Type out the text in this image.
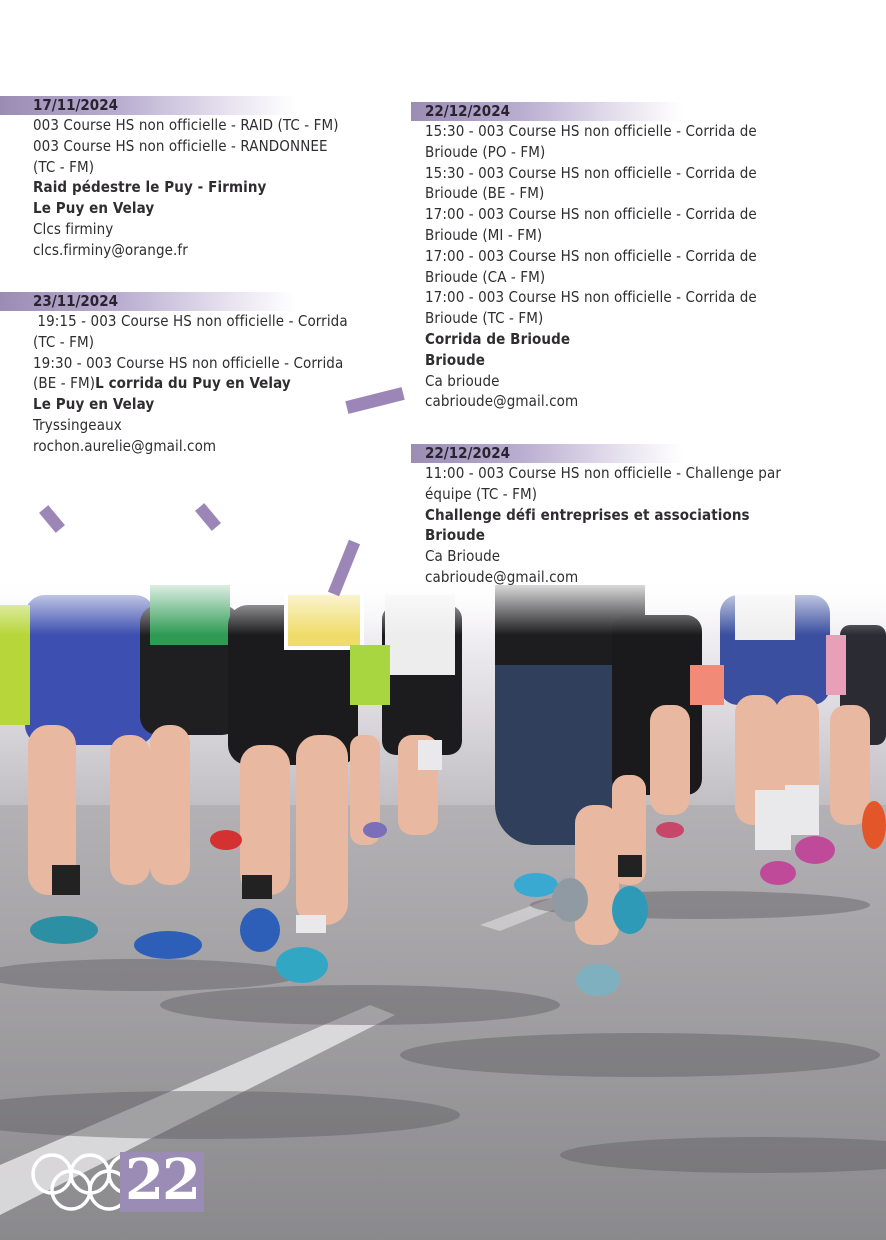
17/11/2024
003 Course HS non officielle - RAID (TC - FM)
003 Course HS non officielle - RANDONNEE
(TC - FM)
Raid pédestre le Puy - Firminy
Le Puy en Velay
Clcs firminy
clcs.firminy@orange.fr
23/11/2024
19:15 - 003 Course HS non officielle - Corrida
(TC - FM)
19:30 - 003 Course HS non officielle - Corrida
(BE - FM)L corrida du Puy en Velay
Le Puy en Velay
Tryssingeaux
rochon.aurelie@gmail.com
22/12/2024
15:30 - 003 Course HS non officielle - Corrida de
Brioude (PO - FM)
15:30 - 003 Course HS non officielle - Corrida de
Brioude (BE - FM)
17:00 - 003 Course HS non officielle - Corrida de
Brioude (MI - FM)
17:00 - 003 Course HS non officielle - Corrida de
Brioude (CA - FM)
17:00 - 003 Course HS non officielle - Corrida de
Brioude (TC - FM)
Corrida de Brioude
Brioude
Ca brioude
cabrioude@gmail.com
22/12/2024
11:00 - 003 Course HS non officielle - Challenge par
équipe (TC - FM)
Challenge défi entreprises et associations
Brioude
Ca Brioude
cabrioude@gmail.com
22
